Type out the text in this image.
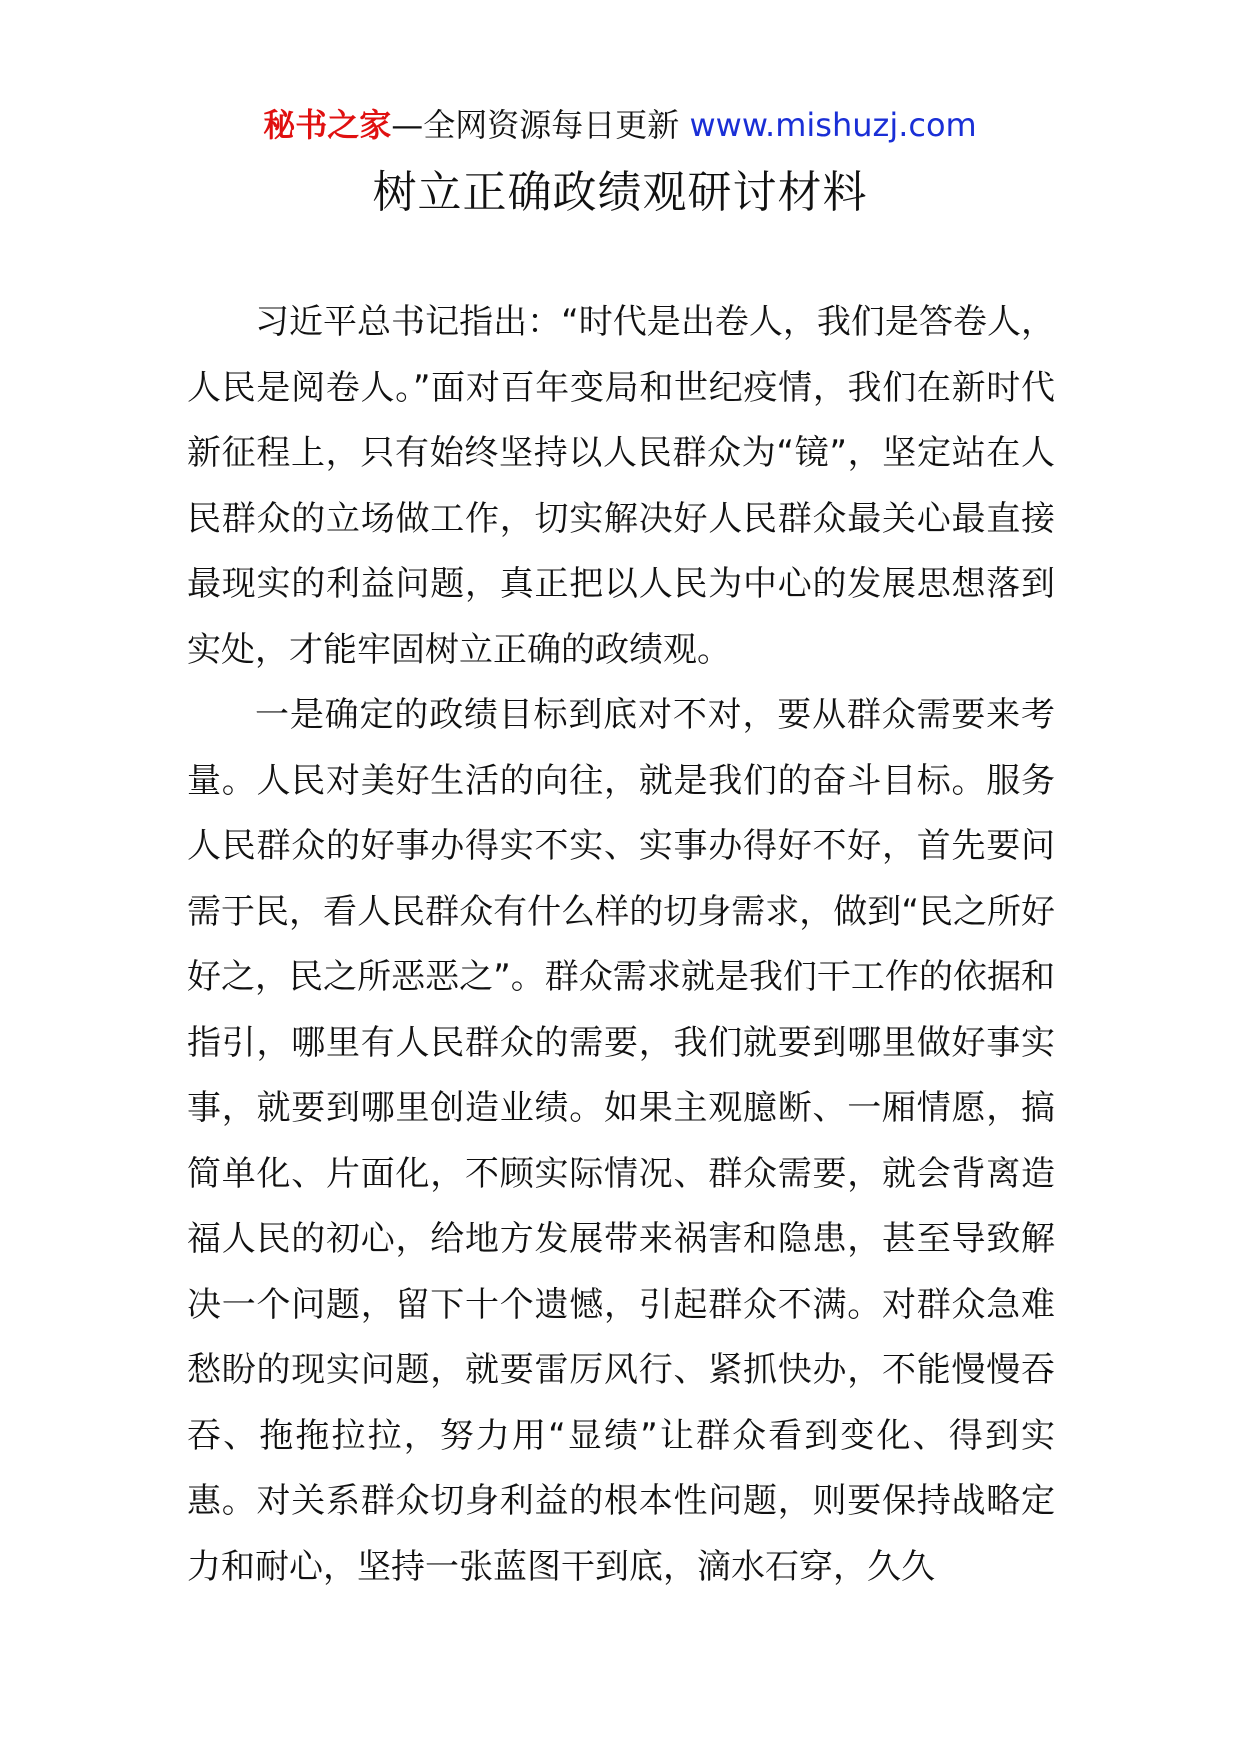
秘书之家—全网资源每日更新 www.mishuzj.com
树立正确政绩观研讨材料

习近平总书记指出：“时代是出卷人，我们是答卷人，人民是阅卷人。”面对百年变局和世纪疫情，我们在新时代新征程上，只有始终坚持以人民群众为“镜”，坚定站在人民群众的立场做工作，切实解决好人民群众最关心最直接最现实的利益问题，真正把以人民为中心的发展思想落到实处，才能牢固树立正确的政绩观。

一是确定的政绩目标到底对不对，要从群众需要来考量。人民对美好生活的向往，就是我们的奋斗目标。服务人民群众的好事办得实不实、实事办得好不好，首先要问需于民，看人民群众有什么样的切身需求，做到“民之所好好之，民之所恶恶之”。群众需求就是我们干工作的依据和指引，哪里有人民群众的需要，我们就要到哪里做好事实事，就要到哪里创造业绩。如果主观臆断、一厢情愿，搞简单化、片面化，不顾实际情况、群众需要，就会背离造福人民的初心，给地方发展带来祸害和隐患，甚至导致解决一个问题，留下十个遗憾，引起群众不满。对群众急难愁盼的现实问题，就要雷厉风行、紧抓快办，不能慢慢吞吞、拖拖拉拉，努力用“显绩”让群众看到变化、得到实惠。对关系群众切身利益的根本性问题，则要保持战略定力和耐心，坚持一张蓝图干到底，滴水石穿，久久
